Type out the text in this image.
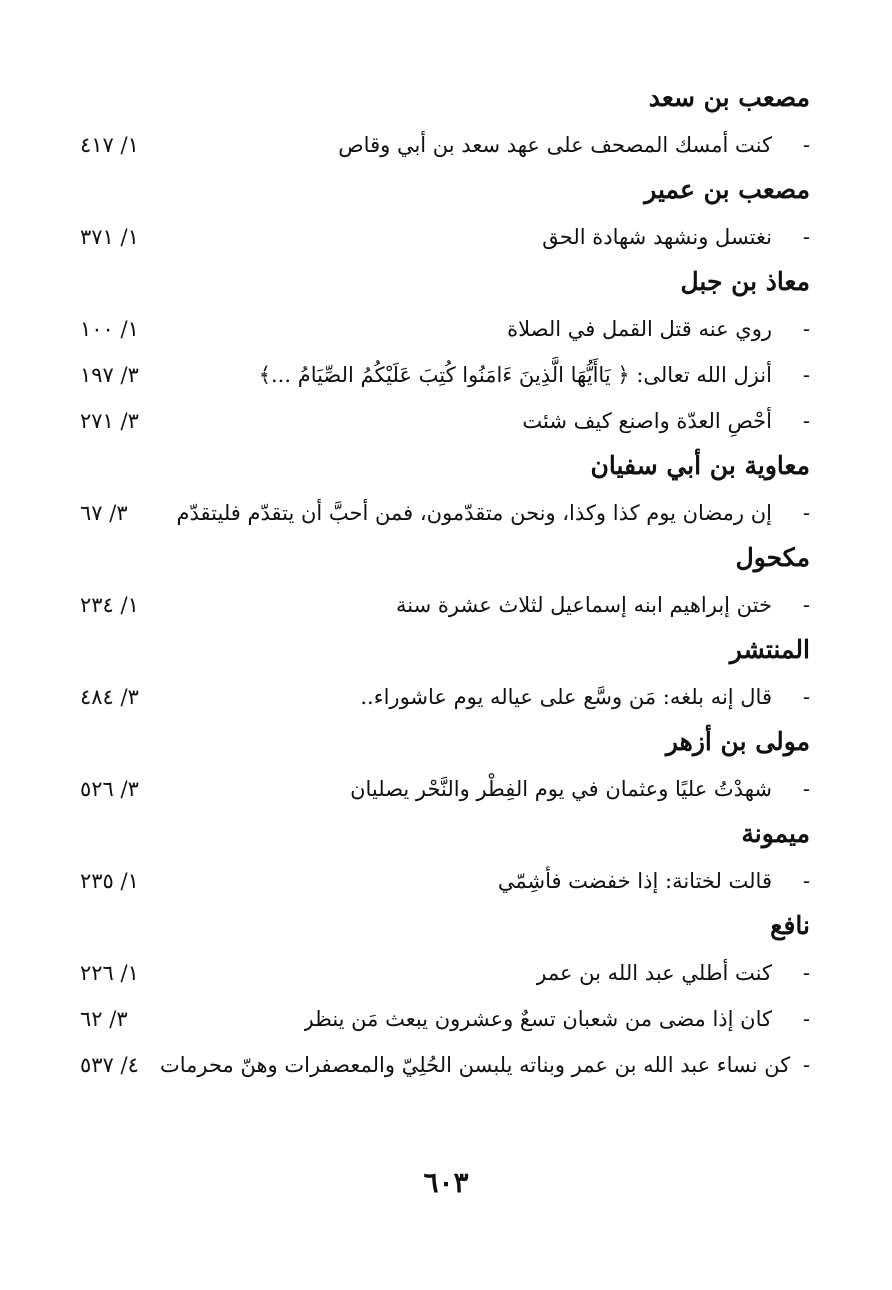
مصعب بن سعد
-
كنت أمسك المصحف على عهد سعد بن أبي وقاص
١/ ٤١٧
مصعب بن عمير
-
نغتسل ونشهد شهادة الحق
١/ ٣٧١
معاذ بن جبل
-
روي عنه قتل القمل في الصلاة
١/ ١٠٠
-
أنزل الله تعالى: ﴿ يَاأَيُّهَا الَّذِينَ ءَامَنُوا كُتِبَ عَلَيْكُمُ الصِّيَامُ ...﴾
٣/ ١٩٧
-
أحْصِ العدّة واصنع كيف شئت
٣/ ٢٧١
معاوية بن أبي سفيان
-
إن رمضان يوم كذا وكذا، ونحن متقدّمون، فمن أحبَّ أن يتقدّم فليتقدّم
٣/ ٦٧
مكحول
-
ختن إبراهيم ابنه إسماعيل لثلاث عشرة سنة
١/ ٢٣٤
المنتشر
-
قال إنه بلغه: مَن وسَّع على عياله يوم عاشوراء..
٣/ ٤٨٤
مولى بن أزهر
-
شهدْتُ عليًا وعثمان في يوم الفِطْر والنَّحْر يصليان
٣/ ٥٢٦
ميمونة
-
قالت لختانة: إذا خفضت فأشِمّي
١/ ٢٣٥
نافع
-
كنت أطلي عبد الله بن عمر
١/ ٢٢٦
-
كان إذا مضى من شعبان تسعٌ وعشرون يبعث مَن ينظر
٣/ ٦٢
-
كن نساء عبد الله بن عمر وبناته يلبسن الحُلِيّ والمعصفرات وهنّ محرمات
٤/ ٥٣٧
٦٠٣
